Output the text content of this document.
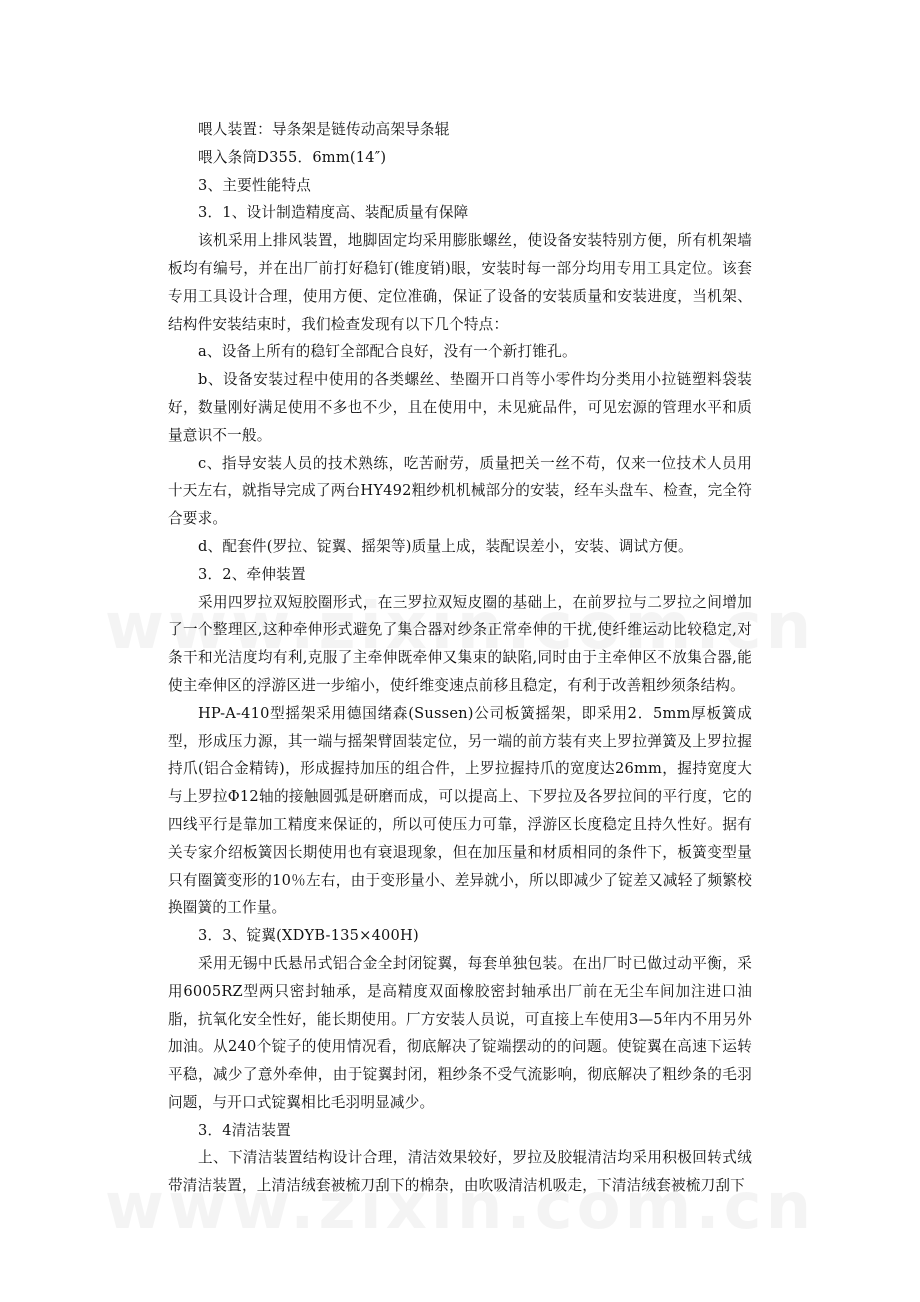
喂人装置：导条架是链传动高架导条辊

喂入条筒D355．6mm(14″)

3、主要性能特点

3．1、设计制造精度高、装配质量有保障

该机采用上排风装置，地脚固定均采用膨胀螺丝，使设备安装特别方便，所有机架墙板均有编号，并在出厂前打好稳钉(锥度销)眼，安装时每一部分均用专用工具定位。该套专用工具设计合理，使用方便、定位准确，保证了设备的安装质量和安装进度，当机架、结构件安装结束时，我们检查发现有以下几个特点：

a、设备上所有的稳钉全部配合良好，没有一个新打锥孔。

b、设备安装过程中使用的各类螺丝、垫圈开口肖等小零件均分类用小拉链塑料袋装好，数量刚好满足使用不多也不少，且在使用中，未见疵品件，可见宏源的管理水平和质量意识不一般。

c、指导安装人员的技术熟练，吃苦耐劳，质量把关一丝不苟，仅来一位技术人员用十天左右，就指导完成了两台HY492粗纱机机械部分的安装，经车头盘车、检查，完全符合要求。

d、配套件(罗拉、锭翼、摇架等)质量上成，装配误差小，安装、调试方便。

3．2、牵伸装置

采用四罗拉双短胶圈形式，在三罗拉双短皮圈的基础上，在前罗拉与二罗拉之间增加了一个整理区,这种牵伸形式避免了集合器对纱条正常牵伸的干扰,使纤维运动比较稳定,对条干和光洁度均有利,克服了主牵伸既牵伸又集束的缺陷,同时由于主牵伸区不放集合器,能使主牵伸区的浮游区进一步缩小，使纤维变速点前移且稳定，有利于改善粗纱须条结构。

HP-A-410型摇架采用德国绪森(Sussen)公司板簧摇架，即采用2．5mm厚板簧成型，形成压力源，其一端与摇架臂固装定位，另一端的前方装有夹上罗拉弹簧及上罗拉握持爪(铝合金精铸)，形成握持加压的组合件，上罗拉握持爪的宽度达26mm，握持宽度大与上罗拉Φ12轴的接触圆弧是研磨而成，可以提高上、下罗拉及各罗拉间的平行度，它的四线平行是靠加工精度来保证的，所以可使压力可靠，浮游区长度稳定且持久性好。据有关专家介绍板簧因长期使用也有衰退现象，但在加压量和材质相同的条件下，板簧变型量只有圈簧变形的10％左右，由于变形量小、差异就小，所以即减少了锭差又减轻了频繁校换圈簧的工作量。

3．3、锭翼(XDYB-135×400H)

采用无锡中氏悬吊式铝合金全封闭锭翼，每套单独包装。在出厂时已做过动平衡，采用6005RZ型两只密封轴承，是高精度双面橡胶密封轴承出厂前在无尘车间加注进口油脂，抗氧化安全性好，能长期使用。厂方安装人员说，可直接上车使用3—5年内不用另外加油。从240个锭子的使用情况看，彻底解决了锭端摆动的的问题。使锭翼在高速下运转平稳，减少了意外牵伸，由于锭翼封闭，粗纱条不受气流影响，彻底解决了粗纱条的毛羽问题，与开口式锭翼相比毛羽明显减少。

3．4清洁装置

上、下清洁装置结构设计合理，清洁效果较好，罗拉及胶辊清洁均采用积极回转式绒带清洁装置，上清洁绒套被梳刀刮下的棉杂，由吹吸清洁机吸走，下清洁绒套被梳刀刮下
